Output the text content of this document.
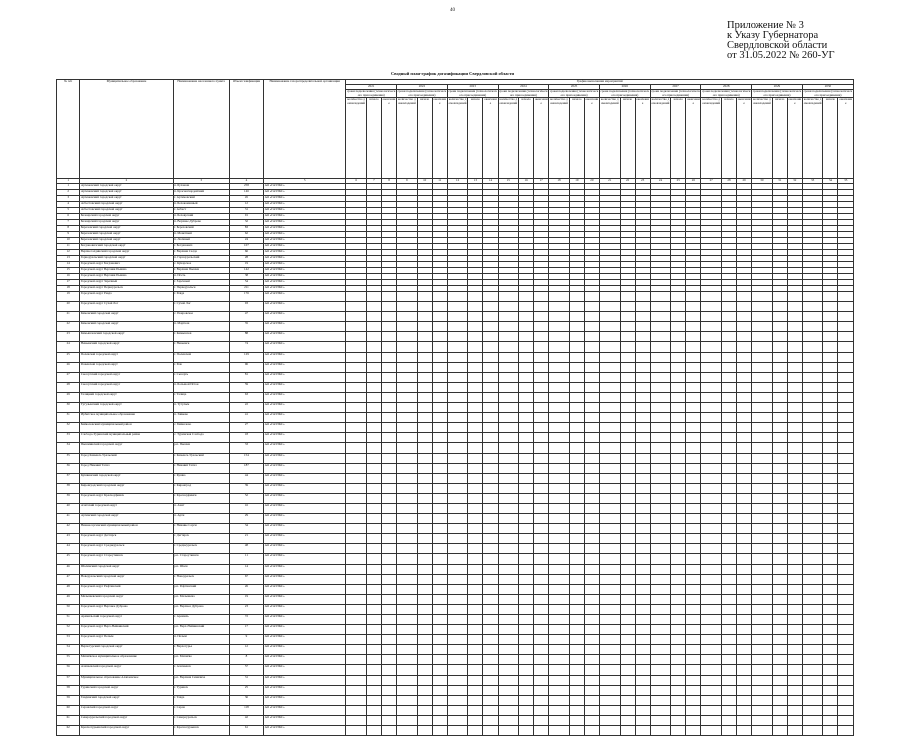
40
Приложение № 3
к Указу Губернатора
Свердловской области
от 31.05.2022 № 260-УГ
Сводный план-график догазификации Свердловской области
№ п/п	Муниципальное образование	Наименование населенного пункта	Объем газификации	Наименование газораспределительной организации	График выполнения мероприятий																													
					2021			2022			2023			2024			2025			2026			2027			2028			2029			2030		
					сроки подключения (технологического присоединения)			сроки подключения (технологического присоединения)			сроки подключения (технологического присоединения)			сроки подключения (технологического присоединения)			сроки подключения (технологического присоединения)			сроки подключения (технологического присоединения)			сроки подключения (технологического присоединения)			сроки подключения (технологического присоединения)			сроки подключения (технологического присоединения)			сроки подключения (технологического присоединения)		
					количество домовладений	начало	окончание	количество домовладений	начало	окончание	количество домовладений	начало	окончание	количество домовладений	начало	окончание	количество домовладений	начало	окончание	количество домовладений	начало	окончание	количество домовладений	начало	окончание	количество домовладений	начало	окончание	количество домовладений	начало	окончание	количество домовладений	начало	окончание
1	2	3	4	5	6	7	8	9	10	11	12	13	14	15	16	17	18	19	20	21	22	23	24	25	26	27	28	29	30	31	32	33	34	35
1	Артемовский городской округ	п. Буланаш	258	АО «ГАЗЭКС»																														
2	Артемовский городской округ	п. Красногвардейский	146	АО «ГАЗЭКС»																														
3	Артемовский городской округ	г. Артемовский	45	АО «ГАЗЭКС»																														
4	Асбестовский городской округ	п. Белокаменный	12	АО «ГАЗЭКС»																														
5	Асбестовский городской округ	г. Асбест	31	АО «ГАЗЭКС»																														
6	Белоярский городской округ	п. Белоярский	91	АО «ГАЗЭКС»																														
7	Белоярский городской округ	п. Верхнее Дуброво	32	АО «ГАЗЭКС»																														
8	Березовский городской округ	г. Березовский	83	АО «ГАЗЭКС»																														
9	Березовский городской округ	п. Монетный	62	АО «ГАЗЭКС»																														
10	Березовский городской округ	п. Лосиный	24	АО «ГАЗЭКС»																														
11	Богдановичский городской округ	г. Богданович	107	АО «ГАЗЭКС»																														
12	Верхнесалдинский городской округ	г. Верхняя Салда	66	АО «ГАЗЭКС»																														
13	Горноуральский городской округ	п. Горноуральский	28	АО «ГАЗЭКС»																														
14	Городской округ Богданович	с. Кунарское	19	АО «ГАЗЭКС»																														
15	Городской округ Верхняя Пышма	г. Верхняя Пышма	142	АО «ГАЗЭКС»																														
16	Городской округ Верхняя Пышма	п. Исеть	38	АО «ГАЗЭКС»																														
17	Городской округ Заречный	г. Заречный	54	АО «ГАЗЭКС»																														
18	Городской округ Первоуральск	г. Первоуральск	211	АО «ГАЗЭКС»																														
19	Городской округ Ревда	г. Ревда	176	АО «ГАЗЭКС»																														
20	Городской округ Сухой Лог	г. Сухой Лог	93	АО «ГАЗЭКС»																														
21	Каменский городской округ	с. Покровское	47	АО «ГАЗЭКС»																														
22	Каменский городской округ	п. Мартюш	35	АО «ГАЗЭКС»																														
23	Камышловский городской округ	г. Камышлов	88	АО «ГАЗЭКС»																														
24	Невьянский городской округ	г. Невьянск	74	АО «ГАЗЭКС»																														
25	Полевской городской округ	г. Полевской	129	АО «ГАЗЭКС»																														
26	Режевской городской округ	г. Реж	96	АО «ГАЗЭКС»																														
27	Сысертский городской округ	г. Сысерть	81	АО «ГАЗЭКС»																														
28	Сысертский городской округ	п. Большой Исток	59	АО «ГАЗЭКС»																														
29	Талицкий городской округ	г. Талица	63	АО «ГАЗЭКС»																														
30	Тугулымский городской округ	п. Тугулым	22	АО «ГАЗЭКС»																														
31	Ирбитское муниципальное образование	п. Зайково	41	АО «ГАЗЭКС»																														
32	Байкаловский муниципальный район	с. Байкалово	27	АО «ГАЗЭКС»																														
33	Слободо-Туринский муниципальный район	с. Туринская Слобода	18	АО «ГАЗЭКС»																														
34	Пышминский городской округ	р.п. Пышма	33	АО «ГАЗЭКС»																														
35	Город Каменск-Уральский	г. Каменск-Уральский	154	АО «ГАЗЭКС»																														
36	Город Нижний Тагил	г. Нижний Тагил	187	АО «ГАЗЭКС»																														
37	Кушвинский городской округ	г. Кушва	44	АО «ГАЗЭКС»																														
38	Кировградский городской округ	г. Кировград	39	АО «ГАЗЭКС»																														
39	Городской округ Красноуфимск	г. Красноуфимск	52	АО «ГАЗЭКС»																														
40	Ачитский городской округ	п. Ачит	16	АО «ГАЗЭКС»																														
41	Артинский городской округ	п. Арти	29	АО «ГАЗЭКС»																														
42	Нижнесергинский муниципальный район	г. Нижние Серги	34	АО «ГАЗЭКС»																														
43	Городской округ Дегтярск	г. Дегтярск	21	АО «ГАЗЭКС»																														
44	Городской округ Среднеуральск	г. Среднеуральск	48	АО «ГАЗЭКС»																														
45	Городской округ Староуткинск	р.п. Староуткинск	11	АО «ГАЗЭКС»																														
46	Шалинский городской округ	р.п. Шаля	14	АО «ГАЗЭКС»																														
47	Новоуральский городской округ	г. Новоуральск	67	АО «ГАЗЭКС»																														
48	Городской округ Рефтинский	р.п. Рефтинский	26	АО «ГАЗЭКС»																														
49	Малышевский городской округ	р.п. Малышева	19	АО «ГАЗЭКС»																														
50	Городской округ Верхнее Дуброво	р.п. Верхнее Дуброво	23	АО «ГАЗЭКС»																														
51	Арамильский городской округ	г. Арамиль	72	АО «ГАЗЭКС»																														
52	Городской округ Верх-Нейвинский	р.п. Верх-Нейвинский	17	АО «ГАЗЭКС»																														
53	Городской округ Пелым	п. Пелым	9	АО «ГАЗЭКС»																														
54	Верхотурский городской округ	г. Верхотурье	12	АО «ГАЗЭКС»																														
55	Махнёвское муниципальное образование	р.п. Махнёво	8	АО «ГАЗЭКС»																														
56	Алапаевский городской округ	г. Алапаевск	57	АО «ГАЗЭКС»																														
57	Муниципальное образование Алапаевское	р.п. Верхняя Синячиха	31	АО «ГАЗЭКС»																														
58	Туринский городской округ	г. Туринск	25	АО «ГАЗЭКС»																														
59	Тавдинский городской округ	г. Тавда	36	АО «ГАЗЭКС»																														
60	Серовский городской округ	г. Серов	118	АО «ГАЗЭКС»																														
61	Североуральский городской округ	г. Североуральск	42	АО «ГАЗЭКС»																														
62	Краснотурьинский городской округ	г. Краснотурьинск	61	АО «ГАЗЭКС»																														
